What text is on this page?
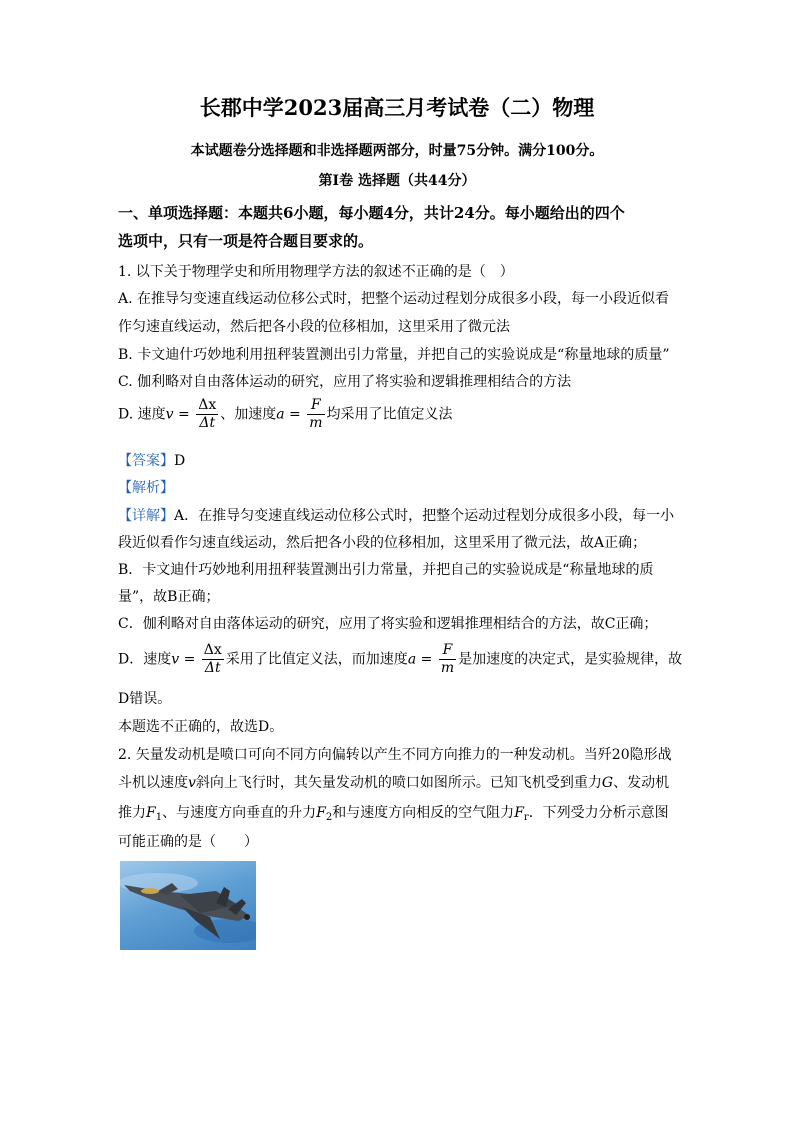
长郡中学2023届高三月考试卷（二）物理
本试题卷分选择题和非选择题两部分，时量75分钟。满分100分。
第Ⅰ卷 选择题（共44分）
一、单项选择题：本题共6小题，每小题4分，共计24分。每小题给出的四个
选项中，只有一项是符合题目要求的。
1. 以下关于物理学史和所用物理学方法的叙述不正确的是（　）
A. 在推导匀变速直线运动位移公式时，把整个运动过程划分成很多小段，每一小段近似看
作匀速直线运动，然后把各小段的位移相加，这里采用了微元法
B. 卡文迪什巧妙地利用扭秤装置测出引力常量，并把自己的实验说成是“称量地球的质量”
C. 伽利略对自由落体运动的研究，应用了将实验和逻辑推理相结合的方法
D. 速度$v = \frac{\Delta x}{\Delta t}$ 、加速度$a = \frac{F}{m}$ 均采用了比值定义法
【答案】D
【解析】
【详解】A．在推导匀变速直线运动位移公式时，把整个运动过程划分成很多小段，每一小
段近似看作匀速直线运动，然后把各小段的位移相加，这里采用了微元法，故A正确；
B．卡文迪什巧妙地利用扭秤装置测出引力常量，并把自己的实验说成是“称量地球的质
量”，故B正确；
C．伽利略对自由落体运动的研究，应用了将实验和逻辑推理相结合的方法，故C正确；
D．速度$v = \frac{\Delta x}{\Delta t}$ 采用了比值定义法，而加速度$a = \frac{F}{m}$ 是加速度的决定式，是实验规律，故
D错误。
本题选不正确的，故选D。
2. 矢量发动机是喷口可向不同方向偏转以产生不同方向推力的一种发动机。当歼20隐形战
斗机以速度v斜向上飞行时，其矢量发动机的喷口如图所示。已知飞机受到重力G、发动机
推力$F_1$、与速度方向垂直的升力$F_2$和与速度方向相反的空气阻力$F_r$．下列受力分析示意图
可能正确的是（　　）
